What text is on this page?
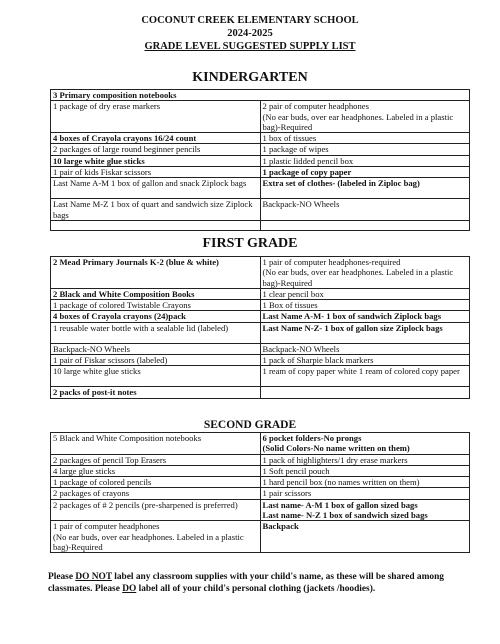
COCONUT CREEK ELEMENTARY SCHOOL
2024-2025
GRADE LEVEL SUGGESTED SUPPLY LIST
KINDERGARTEN
3 Primary composition notebooks	
1 package of dry erase markers	2 pair of computer headphones
(No ear buds, over ear headphones. Labeled in a plastic bag)-Required
4 boxes of Crayola crayons 16/24 count	1 box of tissues
2 packages of large round beginner pencils	1 package of wipes
10 large white glue sticks	1 plastic lidded pencil box
1 pair of kids Fiskar scissors	1 package of copy paper
Last Name A-M 1 box of gallon and snack Ziplock bags	Extra set of clothes- (labeled in Ziploc bag)
Last Name M-Z 1 box of quart and sandwich size Ziplock bags	Backpack-NO Wheels

FIRST GRADE
2 Mead Primary Journals K-2 (blue & white)	1 pair of computer headphones-required
(No ear buds, over ear headphones. Labeled in a plastic bag)-Required
2 Black and White Composition Books	1 clear pencil box
1 package of colored Twistable Crayons	1 Box of tissues
4 boxes of Crayola crayons (24)pack	Last Name A-M- 1 box of sandwich Ziplock bags
1 reusable water bottle with a sealable lid (labeled)	Last Name N-Z- 1 box of gallon size Ziplock bags
Backpack-NO Wheels	Backpack-NO Wheels
1 pair of Fiskar scissors (labeled)	1 pack of Sharpie black markers
10 large white glue sticks	1 ream of copy paper white 1 ream of colored copy paper
2 packs of post-it notes	
SECOND GRADE
5 Black and White Composition notebooks	6 pocket folders-No prongs
(Solid Colors-No name written on them)
2 packages of pencil Top Erasers	1 pack of highlighters/1 dry erase markers
4 large glue sticks	1 Soft pencil pouch
1 package of colored pencils	1 hard pencil box (no names written on them)
2 packages of crayons	1 pair scissors
2 packages of # 2 pencils (pre-sharpened is preferred)	Last name- A-M 1 box of gallon sized bags
Last name- N-Z 1 box of sandwich sized bags
1 pair of computer headphones
(No ear buds, over ear headphones. Labeled in a plastic bag)-Required	Backpack
Please DO NOT label any classroom supplies with your child's name, as these will be shared among classmates. Please DO label all of your child's personal clothing (jackets /hoodies).
